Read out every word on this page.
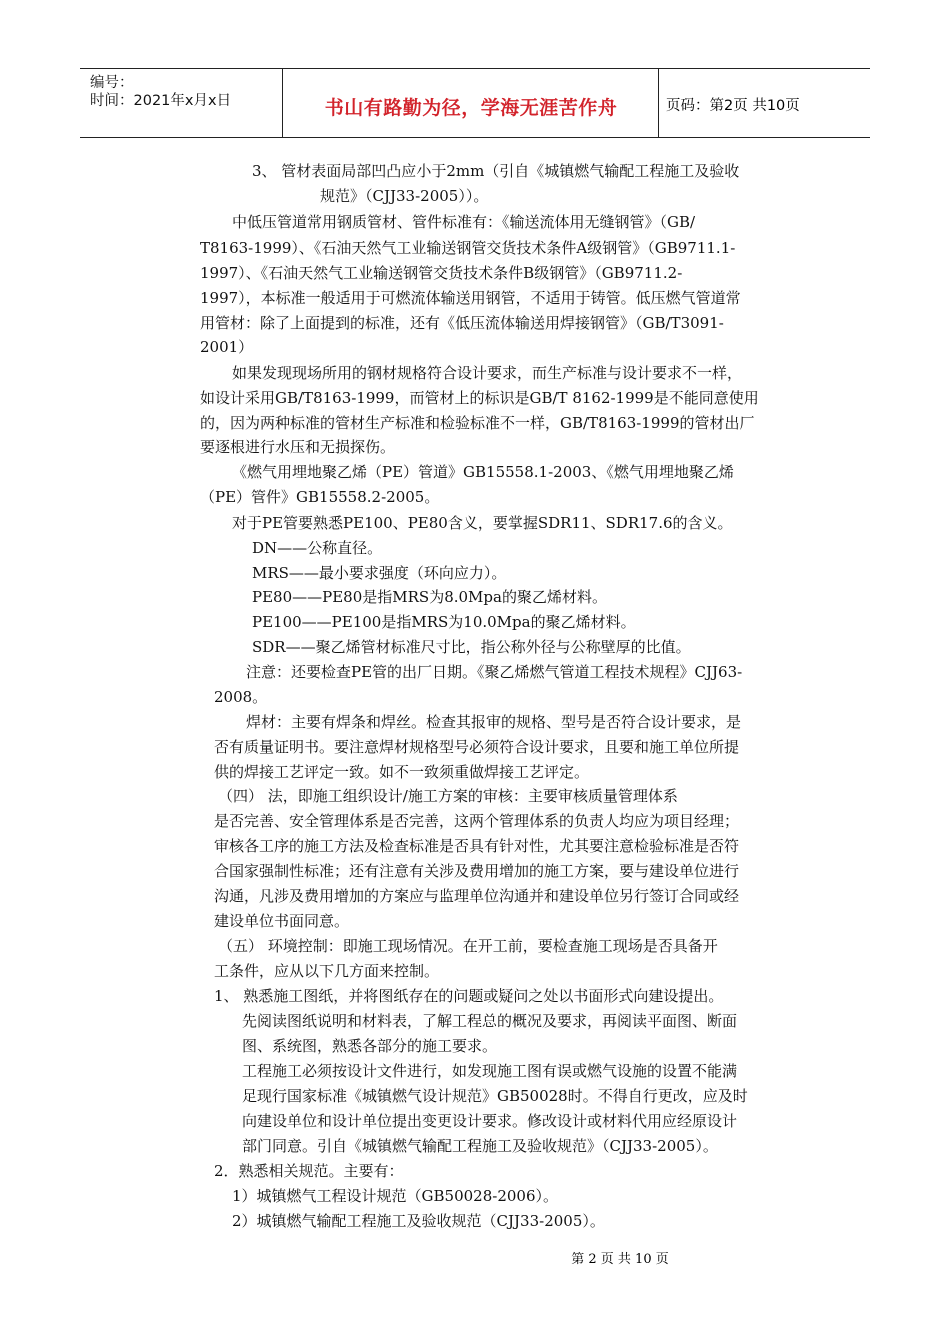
编号：
时间：2021年x月x日	书山有路勤为径，学海无涯苦作舟	页码：第2页 共10页
3、 管材表面局部凹凸应小于2mm（引自《城镇燃气输配工程施工及验收
规范》（CJJ33-2005））。
中低压管道常用钢质管材、管件标准有：《输送流体用无缝钢管》（GB/
T8163-1999）、《石油天然气工业输送钢管交货技术条件A级钢管》（GB9711.1-
1997）、《石油天然气工业输送钢管交货技术条件B级钢管》（GB9711.2-
1997），本标准一般适用于可燃流体输送用钢管，不适用于铸管。低压燃气管道常
用管材：除了上面提到的标准，还有《低压流体输送用焊接钢管》（GB/T3091-
2001）
如果发现现场所用的钢材规格符合设计要求，而生产标准与设计要求不一样，
如设计采用GB/T8163-1999，而管材上的标识是GB/T 8162-1999是不能同意使用
的，因为两种标准的管材生产标准和检验标准不一样，GB/T8163-1999的管材出厂
要逐根进行水压和无损探伤。
《燃气用埋地聚乙烯（PE）管道》GB15558.1-2003、《燃气用埋地聚乙烯
（PE）管件》GB15558.2-2005。
对于PE管要熟悉PE100、PE80含义，要掌握SDR11、SDR17.6的含义。
DN——公称直径。
MRS——最小要求强度（环向应力）。
PE80——PE80是指MRS为8.0Mpa的聚乙烯材料。
PE100——PE100是指MRS为10.0Mpa的聚乙烯材料。
SDR——聚乙烯管材标准尺寸比，指公称外径与公称壁厚的比值。
注意：还要检查PE管的出厂日期。《聚乙烯燃气管道工程技术规程》CJJ63-
2008。
焊材：主要有焊条和焊丝。检查其报审的规格、型号是否符合设计要求，是
否有质量证明书。要注意焊材规格型号必须符合设计要求，且要和施工单位所提
供的焊接工艺评定一致。如不一致须重做焊接工艺评定。
（四） 法，即施工组织设计/施工方案的审核：主要审核质量管理体系
是否完善、安全管理体系是否完善，这两个管理体系的负责人均应为项目经理；
审核各工序的施工方法及检查标准是否具有针对性，尤其要注意检验标准是否符
合国家强制性标准；还有注意有关涉及费用增加的施工方案，要与建设单位进行
沟通，凡涉及费用增加的方案应与监理单位沟通并和建设单位另行签订合同或经
建设单位书面同意。
（五） 环境控制：即施工现场情况。在开工前，要检查施工现场是否具备开
工条件，应从以下几方面来控制。
1、 熟悉施工图纸，并将图纸存在的问题或疑问之处以书面形式向建设提出。
先阅读图纸说明和材料表，了解工程总的概况及要求，再阅读平面图、断面
图、系统图，熟悉各部分的施工要求。
工程施工必须按设计文件进行，如发现施工图有误或燃气设施的设置不能满
足现行国家标准《城镇燃气设计规范》GB50028时。不得自行更改，应及时
向建设单位和设计单位提出变更设计要求。修改设计或材料代用应经原设计
部门同意。引自《城镇燃气输配工程施工及验收规范》（CJJ33-2005）。
2．熟悉相关规范。主要有：
1）城镇燃气工程设计规范（GB50028-2006）。
2）城镇燃气输配工程施工及验收规范（CJJ33-2005）。
第 2 页 共 10 页
